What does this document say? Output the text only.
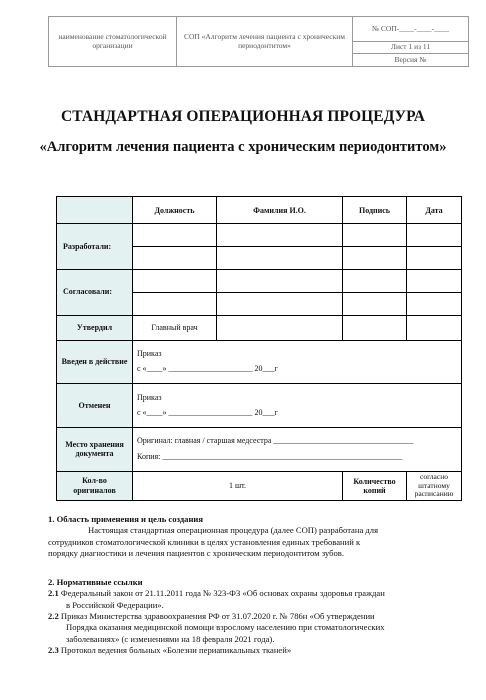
наименование стоматологической организации	СОП «Алгоритм лечения пациента с хроническим периодонтитом»	№ СОП-____-____-____
Лист 1 из 11
Версия №
СТАНДАРТНАЯ ОПЕРАЦИОННАЯ ПРОЦЕДУРА
«Алгоритм лечения пациента с хроническим периодонтитом»
	Должность	Фамилия И.О.	Подпись	Дата
Разработали:				

Согласовали:				

Утвердил	Главный врач			
Введен в действие	Приказ
с «____» _____________________ 20___г			

Отменен	Приказ
с «____» _____________________ 20___г			

Место хранения документа	Оригинал: главная / старшая медсестра ___________________________________
Копия: ____________________________________________________________			

Кол-во оригиналов	1 шт.		Количество копий	согласно штатному расписанию
1. Область применения и цель создания
Настоящая стандартная операционная процедура (далее СОП) разработана для
сотрудников стоматологической клиники в целях установления единых требований к
порядку диагностики и лечения пациентов с хроническим периодонтитом зубов.
2. Нормативные ссылки
2.1 Федеральный закон от 21.11.2011 года № 323-ФЗ «Об основах охраны здоровья граждан
в Российской Федерации».
2.2 Приказ Министерства здравоохранения РФ от 31.07.2020 г. № 786н «Об утверждении
Порядка оказания медицинской помощи взрослому населению при стоматологических
заболеваниях» (с изменениями на 18 февраля 2021 года).
2.3 Протокол ведения больных «Болезни периапикальных тканей»
